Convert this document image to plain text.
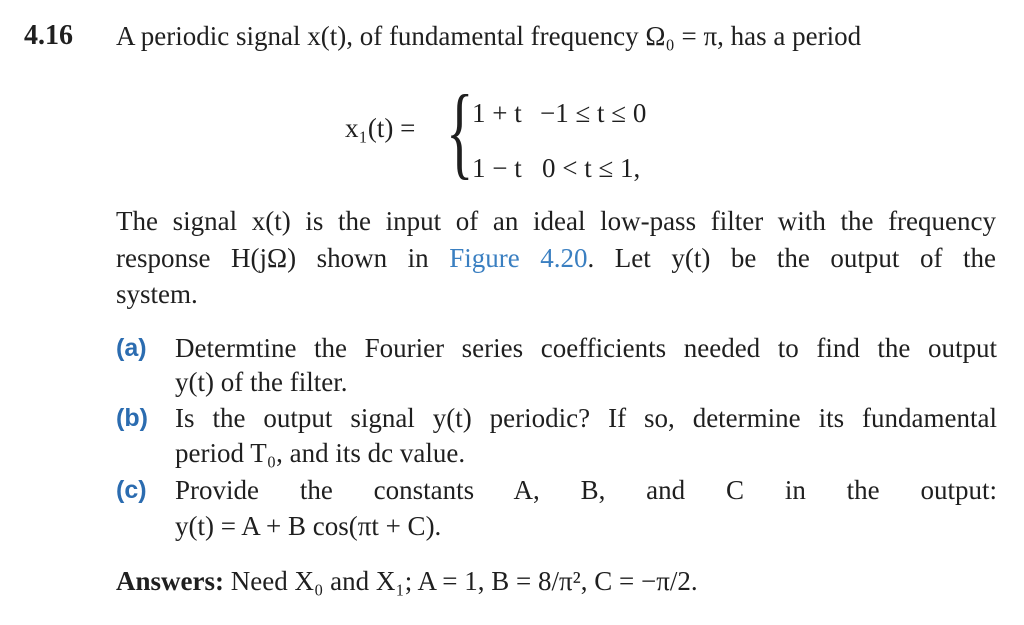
4.16 A periodic signal x(t), of fundamental frequency Ω₀ = π, has a period
x₁(t) = {
1 + t −1 ≤ t ≤ 0
1 − t 0 < t ≤ 1,
The signal x(t) is the input of an ideal low-pass filter with the frequency
response H(jΩ) shown in Figure 4.20. Let y(t) be the output of the
system.
(a) Determtine the Fourier series coefficients needed to find the output
y(t) of the filter.
(b) Is the output signal y(t) periodic? If so, determine its fundamental
period T₀, and its dc value.
(c) Provide the constants A, B, and C in the output:
y(t) = A + B cos(πt + C).
Answers: Need X₀ and X₁; A = 1, B = 8/π², C = −π/2.
